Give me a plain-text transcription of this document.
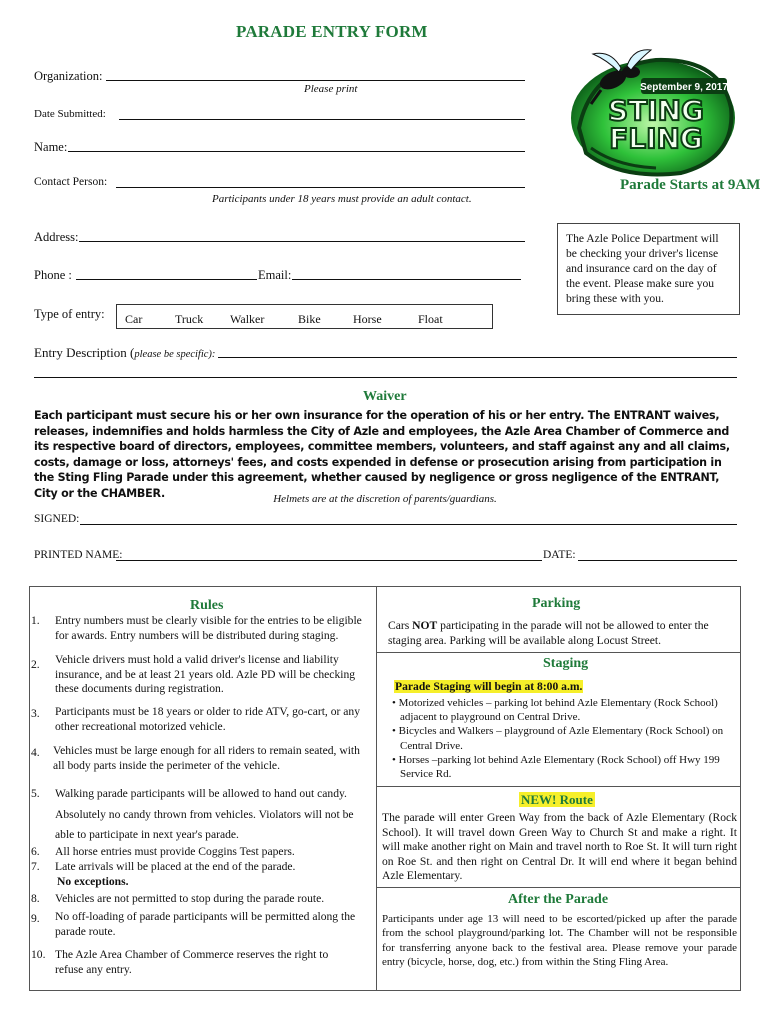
PARADE ENTRY FORM
September 9, 2017
STING
FLING
Organization:
Please print
Date Submitted:
Name:
Contact Person:
Participants under 18 years must provide an adult contact.
Address:
Phone :	Email:
Type of entry: Car	Truck Walker	Bike	Horse	Float
Entry Description (please be specific):
Parade Starts at 9AM
The Azle Police Department will be checking your driver's license and insurance card on the day of the event. Please make sure you bring these with you.
Waiver
Each participant must secure his or her own insurance for the operation of his or her entry. The ENTRANT waives, releases, indemnifies and holds harmless the City of Azle and employees, the Azle Area Chamber of Commerce and its respective board of directors, employees, committee members, volunteers, and staff against any and all claims, costs, damage or loss, attorneys' fees, and costs expended in defense or prosecution arising from participation in the Sting Fling Parade under this agreement, whether caused by negligence or gross negligence of the ENTRANT, City or the CHAMBER.	Helmets are at the discretion of parents/guardians.
SIGNED:
PRINTED NAME:	DATE:
Rules
1. Entry numbers must be clearly visible for the entries to be eligible for awards. Entry numbers will be distributed during staging.
2. Vehicle drivers must hold a valid driver's license and liability insurance, and be at least 21 years old. Azle PD will be checking these documents during registration.
3. Participants must be 18 years or older to ride ATV, go-cart, or any other recreational motorized vehicle.
4. Vehicles must be large enough for all riders to remain seated, with all body parts inside the perimeter of the vehicle.
5. Walking parade participants will be allowed to hand out candy. Absolutely no candy thrown from vehicles. Violators will not be able to participate in next year's parade.
6. All horse entries must provide Coggins Test papers.
7. Late arrivals will be placed at the end of the parade.
No exceptions.
8. Vehicles are not permitted to stop during the parade route.
9. No off-loading of parade participants will be permitted along the parade route.
10. The Azle Area Chamber of Commerce reserves the right to refuse any entry.
Parking
Cars NOT participating in the parade will not be allowed to enter the staging area. Parking will be available along Locust Street.
Staging
Parade Staging will begin at 8:00 a.m.
• Motorized vehicles – parking lot behind Azle Elementary (Rock School) adjacent to playground on Central Drive.
• Bicycles and Walkers – playground of Azle Elementary (Rock School) on Central Drive.
• Horses –parking lot behind Azle Elementary (Rock School) off Hwy 199 Service Rd.
NEW! Route
The parade will enter Green Way from the back of Azle Elementary (Rock School). It will travel down Green Way to Church St and make a right. It will make another right on Main and travel north to Roe St. It will turn right on Roe St. and then right on Central Dr. It will end where it began behind Azle Elementary.
After the Parade
Participants under age 13 will need to be escorted/picked up after the parade from the school playground/parking lot. The Chamber will not be responsible for transferring anyone back to the festival area. Please remove your parade entry (bicycle, horse, dog, etc.) from within the Sting Fling Area.
